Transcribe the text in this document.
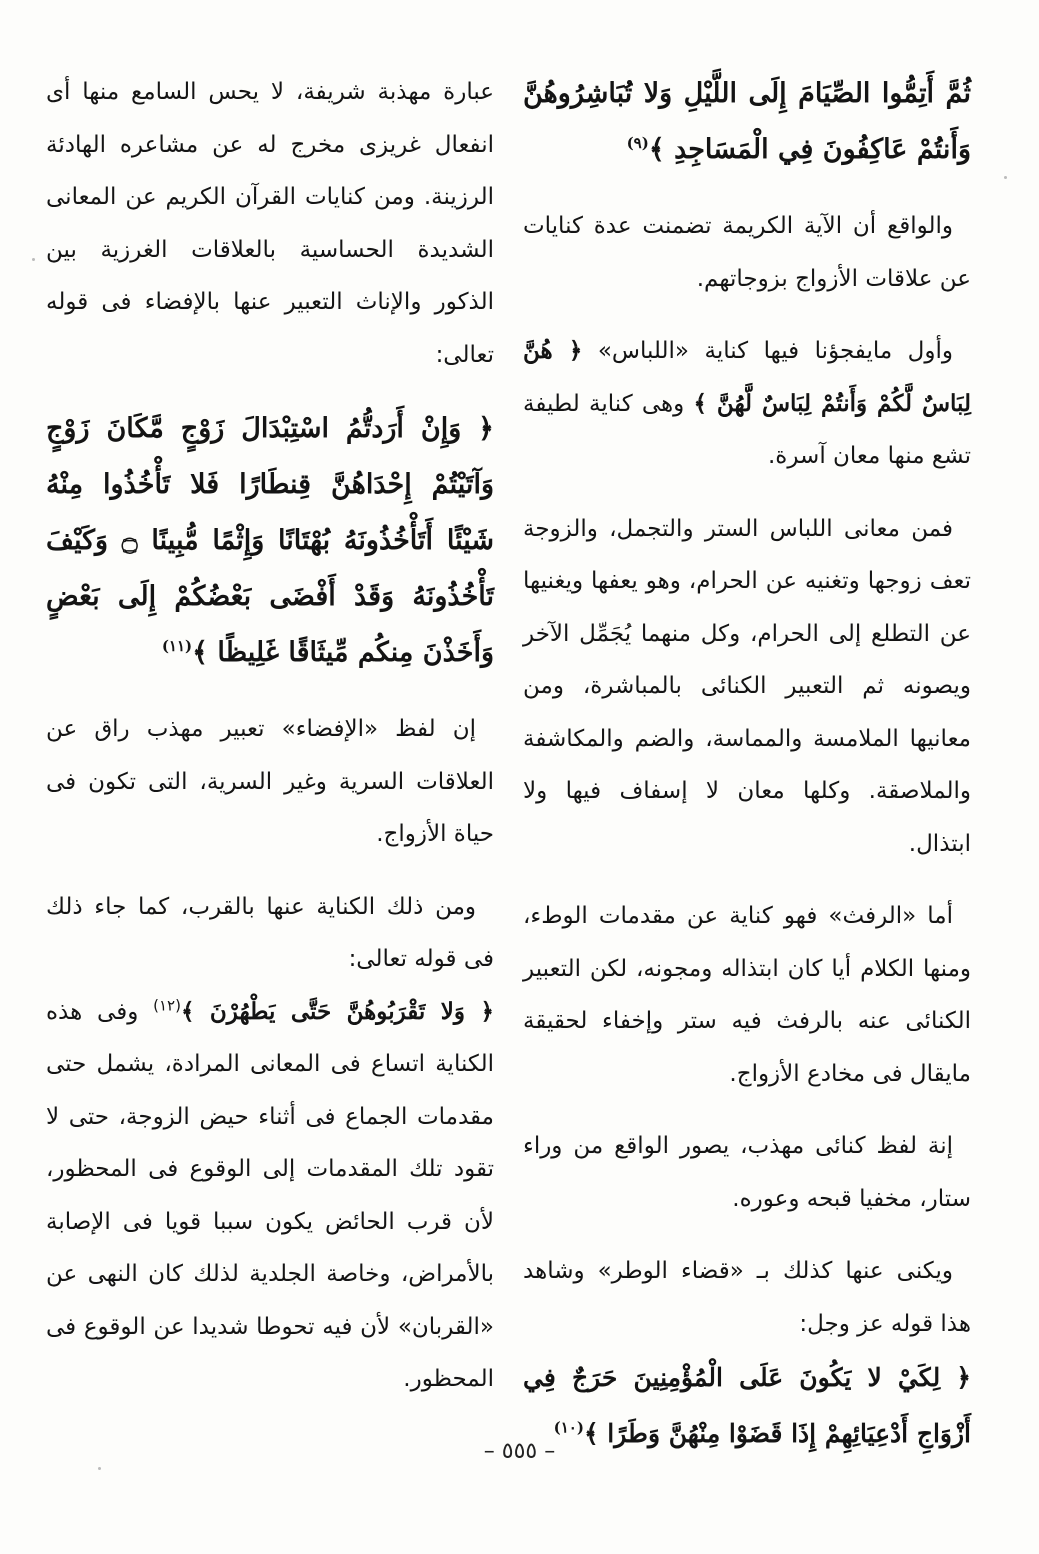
ثُمَّ أَتِمُّوا الصِّيَامَ إِلَى اللَّيْلِ وَلا تُبَاشِرُوهُنَّ وَأَنتُمْ عَاكِفُونَ فِي الْمَسَاجِدِ ﴾$^{(٩)}$

والواقع أن الآية الكريمة تضمنت عدة كنايات عن علاقات الأزواج بزوجاتهم.

وأول مايفجؤنا فيها كناية «اللباس» ﴿ هُنَّ لِبَاسٌ لَّكُمْ وَأَنتُمْ لِبَاسٌ لَّهُنَّ ﴾ وهى كناية لطيفة تشع منها معان آسرة.

فمن معانى اللباس الستر والتجمل، والزوجة تعف زوجها وتغنيه عن الحرام، وهو يعفها ويغنيها عن التطلع إلى الحرام، وكل منهما يُجَمِّل الآخر ويصونه ثم التعبير الكنائى بالمباشرة، ومن معانيها الملامسة والمماسة، والضم والمكاشفة والملاصقة. وكلها معان لا إسفاف فيها ولا ابتذال.

أما «الرفث» فهو كناية عن مقدمات الوطء، ومنها الكلام أيا كان ابتذاله ومجونه، لكن التعبير الكنائى عنه بالرفث فيه ستر وإخفاء لحقيقة مايقال فى مخادع الأزواج.

إنة لفظ كنائى مهذب، يصور الواقع من وراء ستار، مخفيا قبحه وعوره.

ويكنى عنها كذلك بـ «قضاء الوطر» وشاهد هذا قوله عز وجل:

﴿ لِكَيْ لا يَكُونَ عَلَى الْمُؤْمِنِينَ حَرَجٌ فِي أَزْوَاجِ أَدْعِيَائِهِمْ إِذَا قَضَوْا مِنْهُنَّ وَطَرًا ﴾$^{(١٠)}$

عبارة مهذبة شريفة، لا يحس السامع منها أى انفعال غريزى مخرج له عن مشاعره الهادئة الرزينة. ومن كنايات القرآن الكريم عن المعانى الشديدة الحساسية بالعلاقات الغرزية بين الذكور والإناث التعبير عنها بالإفضاء فى قوله تعالى:

﴿ وَإِنْ أَرَدتُّمُ اسْتِبْدَالَ زَوْجٍ مَّكَانَ زَوْجٍ وَآتَيْتُمْ إِحْدَاهُنَّ قِنطَارًا فَلا تَأْخُذُوا مِنْهُ شَيْئًا أَتَأْخُذُونَهُ بُهْتَانًا وَإِثْمًا مُّبِينًا ۝ وَكَيْفَ تَأْخُذُونَهُ وَقَدْ أَفْضَى بَعْضُكُمْ إِلَى بَعْضٍ وَأَخَذْنَ مِنكُم مِّيثَاقًا غَلِيظًا ﴾$^{(١١)}$

إن لفظ «الإفضاء» تعبير مهذب راق عن العلاقات السرية وغير السرية، التى تكون فى حياة الأزواج.

ومن ذلك الكناية عنها بالقرب، كما جاء ذلك فى قوله تعالى:

﴿ وَلا تَقْرَبُوهُنَّ حَتَّى يَطْهُرْنَ ﴾$^{(١٢)}$ وفى هذه الكناية اتساع فى المعانى المرادة، يشمل حتى مقدمات الجماع فى أثناء حيض الزوجة، حتى لا تقود تلك المقدمات إلى الوقوع فى المحظور، لأن قرب الحائض يكون سببا قويا فى الإصابة بالأمراض، وخاصة الجلدية لذلك كان النهى عن «القربان» لأن فيه تحوطا شديدا عن الوقوع فى المحظور.

– ٥٥٥ –
